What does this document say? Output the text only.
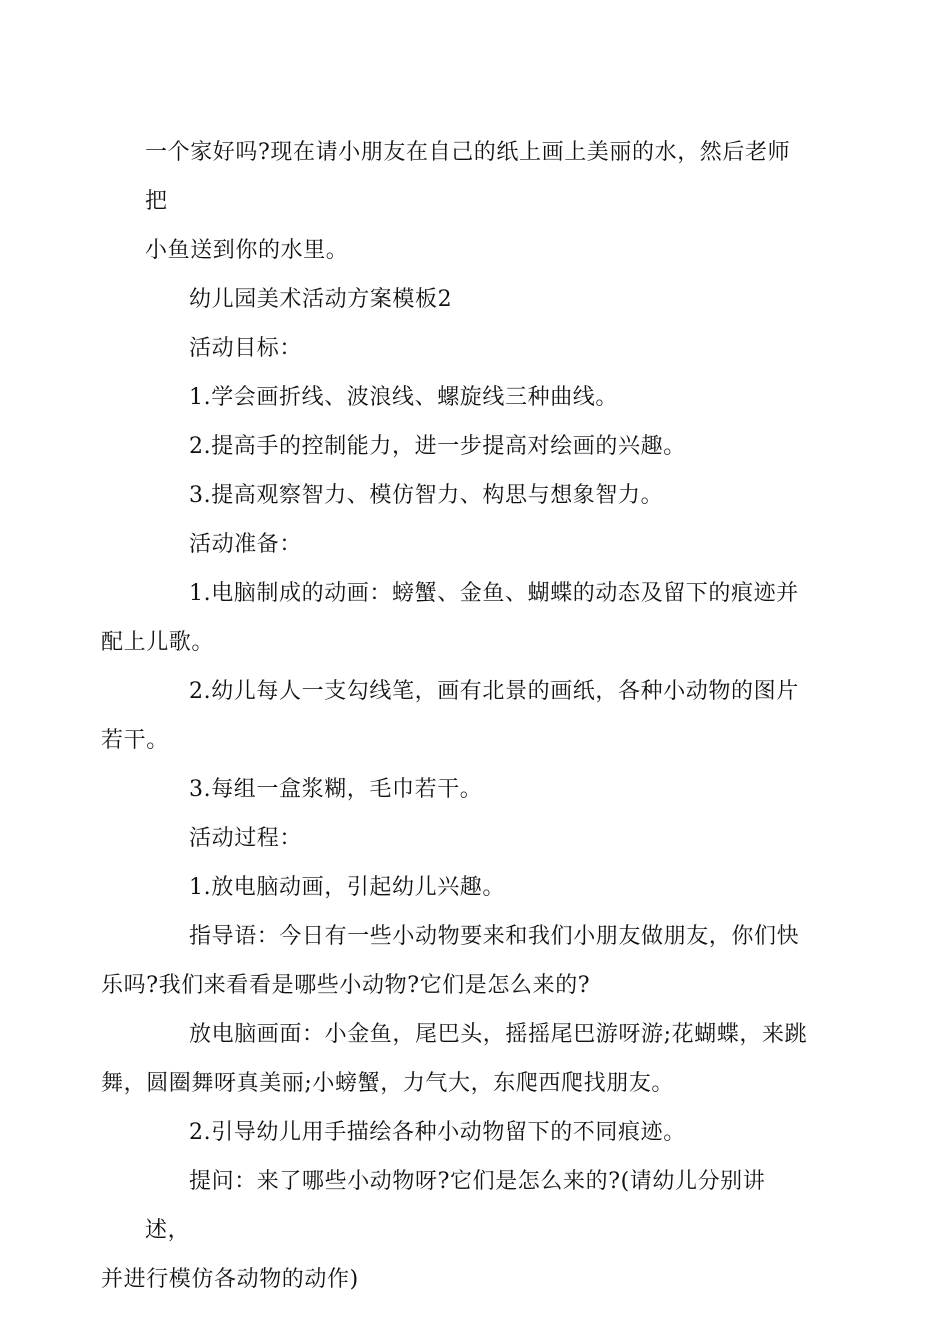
一个家好吗?现在请小朋友在自己的纸上画上美丽的水，然后老师把
小鱼送到你的水里。

幼儿园美术活动方案模板2

活动目标：

1.学会画折线、波浪线、螺旋线三种曲线。

2.提高手的控制能力，进一步提高对绘画的兴趣。

3.提高观察智力、模仿智力、构思与想象智力。

活动准备：

1.电脑制成的动画：螃蟹、金鱼、蝴蝶的动态及留下的痕迹并
配上儿歌。

2.幼儿每人一支勾线笔，画有北景的画纸，各种小动物的图片
若干。

3.每组一盒浆糊，毛巾若干。

活动过程：

1.放电脑动画，引起幼儿兴趣。

指导语：今日有一些小动物要来和我们小朋友做朋友，你们快
乐吗?我们来看看是哪些小动物?它们是怎么来的?

放电脑画面：小金鱼，尾巴头，摇摇尾巴游呀游;花蝴蝶，来跳
舞，圆圈舞呀真美丽;小螃蟹，力气大，东爬西爬找朋友。

2.引导幼儿用手描绘各种小动物留下的不同痕迹。

提问：来了哪些小动物呀?它们是怎么来的?(请幼儿分别讲述，
并进行模仿各动物的动作)
